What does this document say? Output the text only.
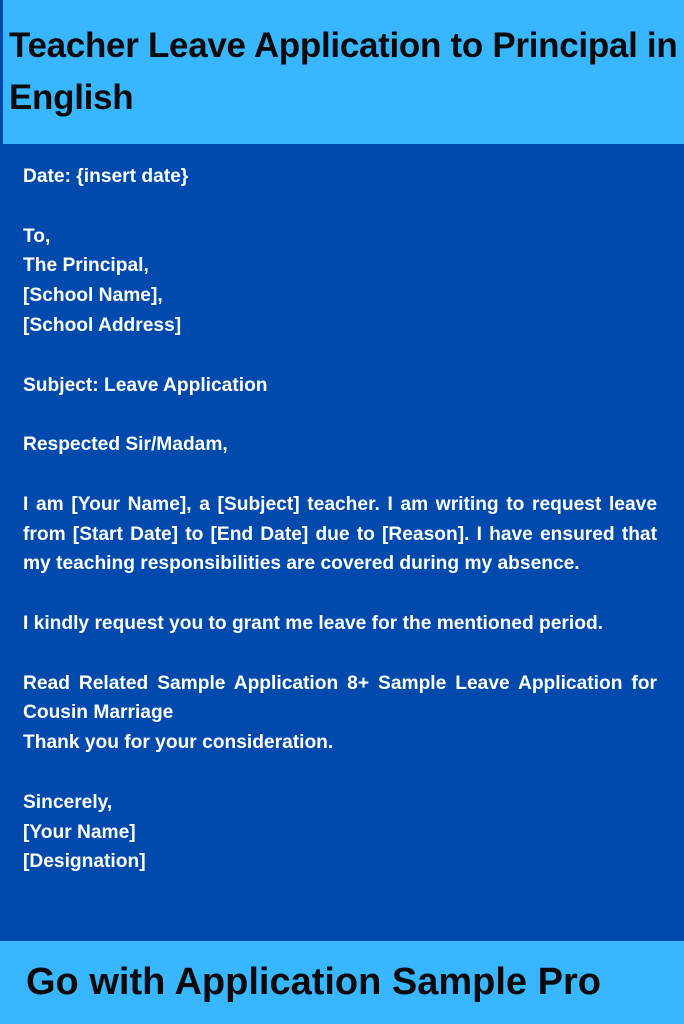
Teacher Leave Application to Principal in English
Date: {insert date}
To,
The Principal,
[School Name],
[School Address]
Subject: Leave Application
Respected Sir/Madam,

I am [Your Name], a [Subject] teacher. I am writing to request leave from [Start Date] to [End Date] due to [Reason]. I have ensured that my teaching responsibilities are covered during my absence.

I kindly request you to grant me leave for the mentioned period.

Read Related Sample Application 8+ Sample Leave Application for Cousin Marriage

Thank you for your consideration.
Sincerely,
[Your Name]
[Designation]

Go with Application Sample Pro
